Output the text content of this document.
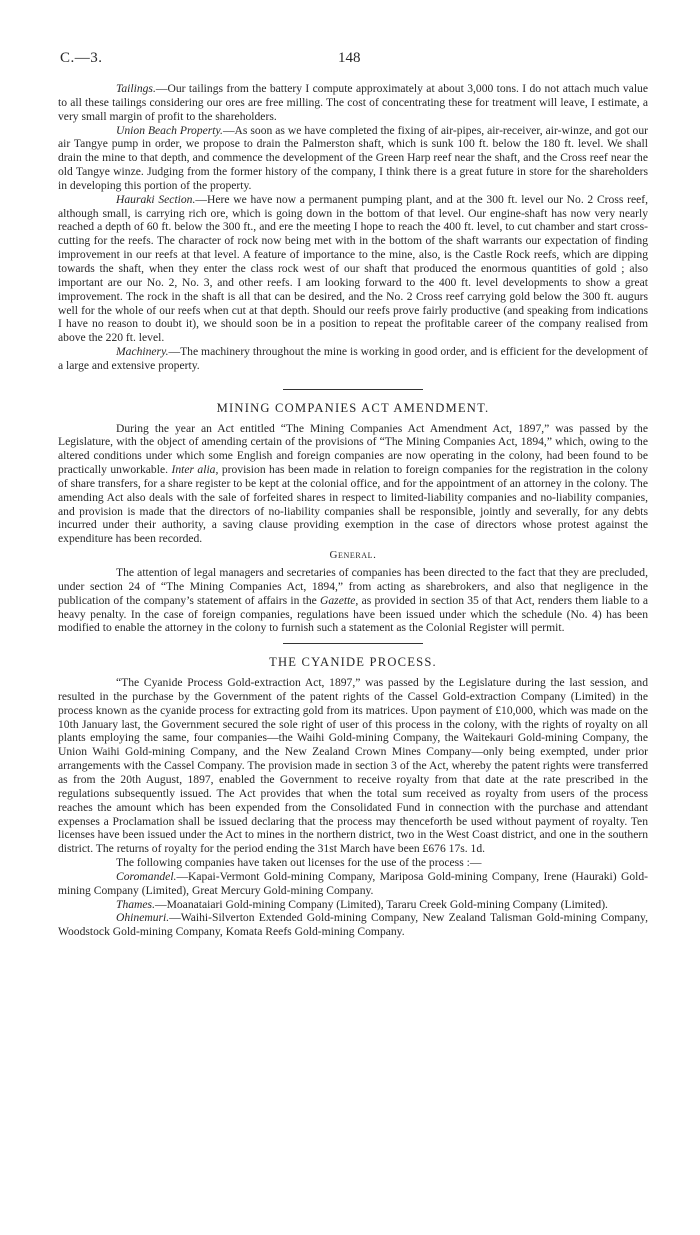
C.—3.	148

Tailings.—Our tailings from the battery I compute approximately at about 3,000 tons. I do not attach much value to all these tailings considering our ores are free milling. The cost of concentrating these for treatment will leave, I estimate, a very small margin of profit to the shareholders.

Union Beach Property.—As soon as we have completed the fixing of air-pipes, air-receiver, air-winze, and got our air Tangye pump in order, we propose to drain the Palmerston shaft, which is sunk 100 ft. below the 180 ft. level. We shall drain the mine to that depth, and commence the development of the Green Harp reef near the shaft, and the Cross reef near the old Tangye winze. Judging from the former history of the company, I think there is a great future in store for the shareholders in developing this portion of the property.

Hauraki Section.—Here we have now a permanent pumping plant, and at the 300 ft. level our No. 2 Cross reef, although small, is carrying rich ore, which is going down in the bottom of that level. Our engine-shaft has now very nearly reached a depth of 60 ft. below the 300 ft., and ere the meeting I hope to reach the 400 ft. level, to cut chamber and start cross-cutting for the reefs. The character of rock now being met with in the bottom of the shaft warrants our expectation of finding improvement in our reefs at that level. A feature of importance to the mine, also, is the Castle Rock reefs, which are dipping towards the shaft, when they enter the class rock west of our shaft that produced the enormous quantities of gold ; also important are our No. 2, No. 3, and other reefs. I am looking forward to the 400 ft. level developments to show a great improvement. The rock in the shaft is all that can be desired, and the No. 2 Cross reef carrying gold below the 300 ft. augurs well for the whole of our reefs when cut at that depth. Should our reefs prove fairly productive (and speaking from indications I have no reason to doubt it), we should soon be in a position to repeat the profitable career of the company realised from above the 220 ft. level.

Machinery.—The machinery throughout the mine is working in good order, and is efficient for the development of a large and extensive property.

MINING COMPANIES ACT AMENDMENT.

During the year an Act entitled “The Mining Companies Act Amendment Act, 1897,” was passed by the Legislature, with the object of amending certain of the provisions of “The Mining Companies Act, 1894,” which, owing to the altered conditions under which some English and foreign companies are now operating in the colony, had been found to be practically unworkable. Inter alia, provision has been made in relation to foreign companies for the registration in the colony of share transfers, for a share register to be kept at the colonial office, and for the appointment of an attorney in the colony. The amending Act also deals with the sale of forfeited shares in respect to limited-liability companies and no-liability companies, and provision is made that the directors of no-liability companies shall be responsible, jointly and severally, for any debts incurred under their authority, a saving clause providing exemption in the case of directors whose protest against the expenditure has been recorded.

General.

The attention of legal managers and secretaries of companies has been directed to the fact that they are precluded, under section 24 of “The Mining Companies Act, 1894,” from acting as sharebrokers, and also that negligence in the publication of the company’s statement of affairs in the Gazette, as provided in section 35 of that Act, renders them liable to a heavy penalty. In the case of foreign companies, regulations have been issued under which the schedule (No. 4) has been modified to enable the attorney in the colony to furnish such a statement as the Colonial Register will permit.

THE CYANIDE PROCESS.

“The Cyanide Process Gold-extraction Act, 1897,” was passed by the Legislature during the last session, and resulted in the purchase by the Government of the patent rights of the Cassel Gold-extraction Company (Limited) in the process known as the cyanide process for extracting gold from its matrices. Upon payment of £10,000, which was made on the 10th January last, the Government secured the sole right of user of this process in the colony, with the rights of royalty on all plants employing the same, four companies—the Waihi Gold-mining Company, the Waitekauri Gold-mining Company, the Union Waihi Gold-mining Company, and the New Zealand Crown Mines Company—only being exempted, under prior arrangements with the Cassel Company. The provision made in section 3 of the Act, whereby the patent rights were transferred as from the 20th August, 1897, enabled the Government to receive royalty from that date at the rate prescribed in the regulations subsequently issued. The Act provides that when the total sum received as royalty from users of the process reaches the amount which has been expended from the Consolidated Fund in connection with the purchase and attendant expenses a Proclamation shall be issued declaring that the process may thenceforth be used without payment of royalty. Ten licenses have been issued under the Act to mines in the northern district, two in the West Coast district, and one in the southern district. The returns of royalty for the period ending the 31st March have been £676 17s. 1d.

The following companies have taken out licenses for the use of the process :—

Coromandel.—Kapai-Vermont Gold-mining Company, Mariposa Gold-mining Company, Irene (Hauraki) Gold-mining Company (Limited), Great Mercury Gold-mining Company.

Thames.—Moanataiari Gold-mining Company (Limited), Tararu Creek Gold-mining Company (Limited).

Ohinemuri.—Waihi-Silverton Extended Gold-mining Company, New Zealand Talisman Gold-mining Company, Woodstock Gold-mining Company, Komata Reefs Gold-mining Company.
